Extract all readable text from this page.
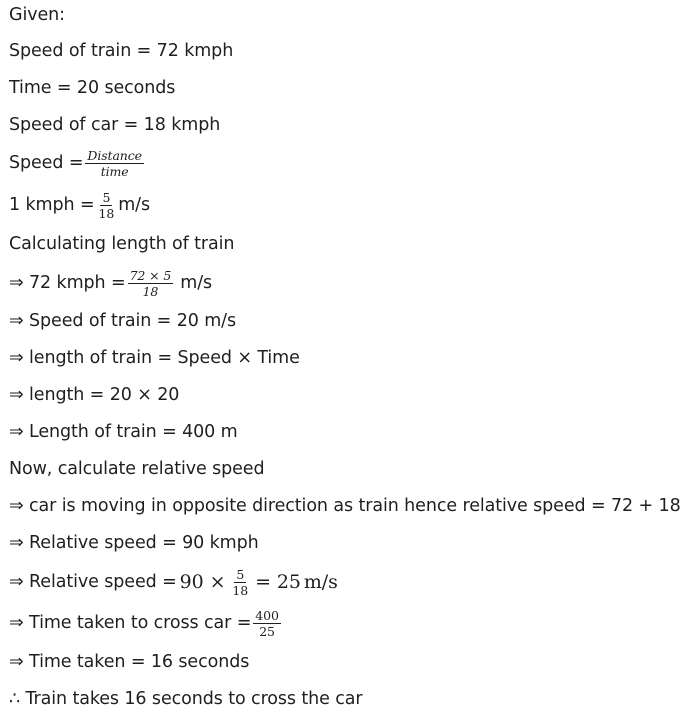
Given:
Speed of train = 72 kmph
Time = 20 seconds
Speed of car = 18 kmph
Speed = $\frac{\text{Distance}}{\text{time}}$
1 kmph = $\frac{5}{18} m/s$
Calculating length of train
⇒ 72 kmph = $\frac{72 \times 5}{18} m/s$
⇒ Speed of train = 20 m/s
⇒ length of train = Speed × Time
⇒ length = 20 × 20
⇒ Length of train = 400 m
Now, calculate relative speed
⇒ car is moving in opposite direction as train hence relative speed = 72 + 18
⇒ Relative speed = 90 kmph
⇒ Relative speed = $90 \times \frac{5}{18} = 25$ m/s
⇒ Time taken to cross car = $\frac{400}{25}$
⇒ Time taken = 16 seconds
∴ Train takes 16 seconds to cross the car
